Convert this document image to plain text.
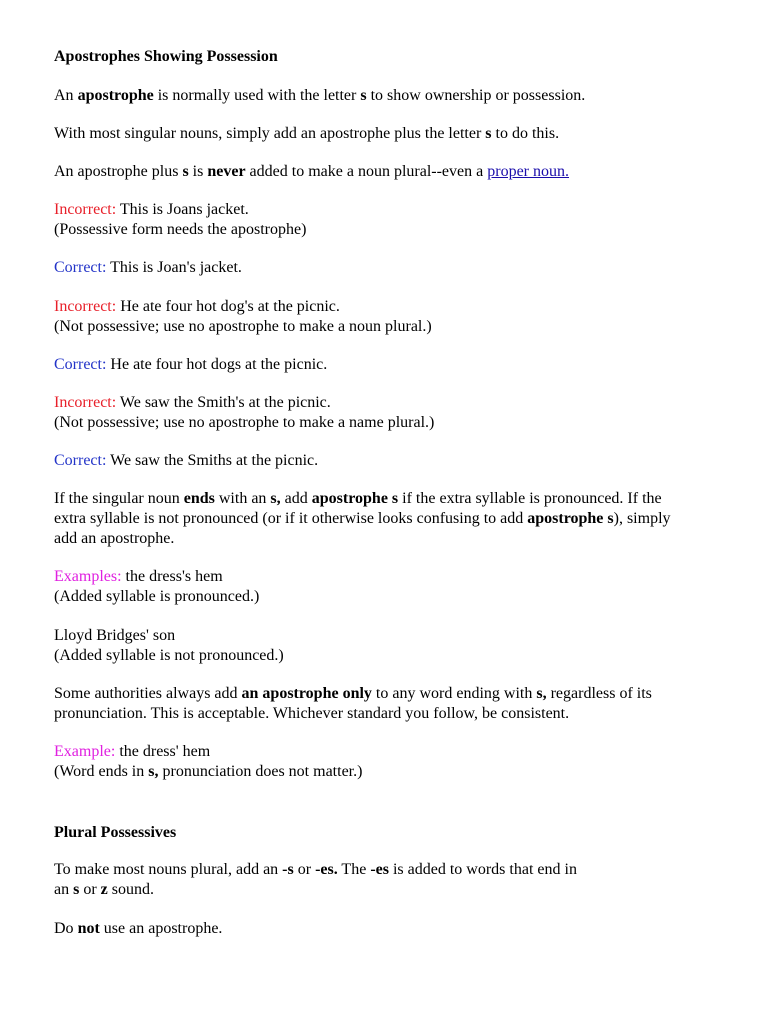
Apostrophes Showing Possession

An apostrophe is normally used with the letter s to show ownership or possession.

With most singular nouns, simply add an apostrophe plus the letter s to do this.

An apostrophe plus s is never added to make a noun plural--even a proper noun.

Incorrect: This is Joans jacket.
(Possessive form needs the apostrophe)

Correct: This is Joan's jacket.

Incorrect: He ate four hot dog's at the picnic.
(Not possessive; use no apostrophe to make a noun plural.)

Correct: He ate four hot dogs at the picnic.

Incorrect: We saw the Smith's at the picnic.
(Not possessive; use no apostrophe to make a name plural.)

Correct: We saw the Smiths at the picnic.

If the singular noun ends with an s, add apostrophe s if the extra syllable is pronounced. If the
extra syllable is not pronounced (or if it otherwise looks confusing to add apostrophe s), simply
add an apostrophe.

Examples: the dress's hem
(Added syllable is pronounced.)

Lloyd Bridges' son
(Added syllable is not pronounced.)

Some authorities always add an apostrophe only to any word ending with s, regardless of its
pronunciation. This is acceptable. Whichever standard you follow, be consistent.

Example: the dress' hem
(Word ends in s, pronunciation does not matter.)

Plural Possessives

To make most nouns plural, add an -s or -es. The -es is added to words that end in
an s or z sound.

Do not use an apostrophe.
